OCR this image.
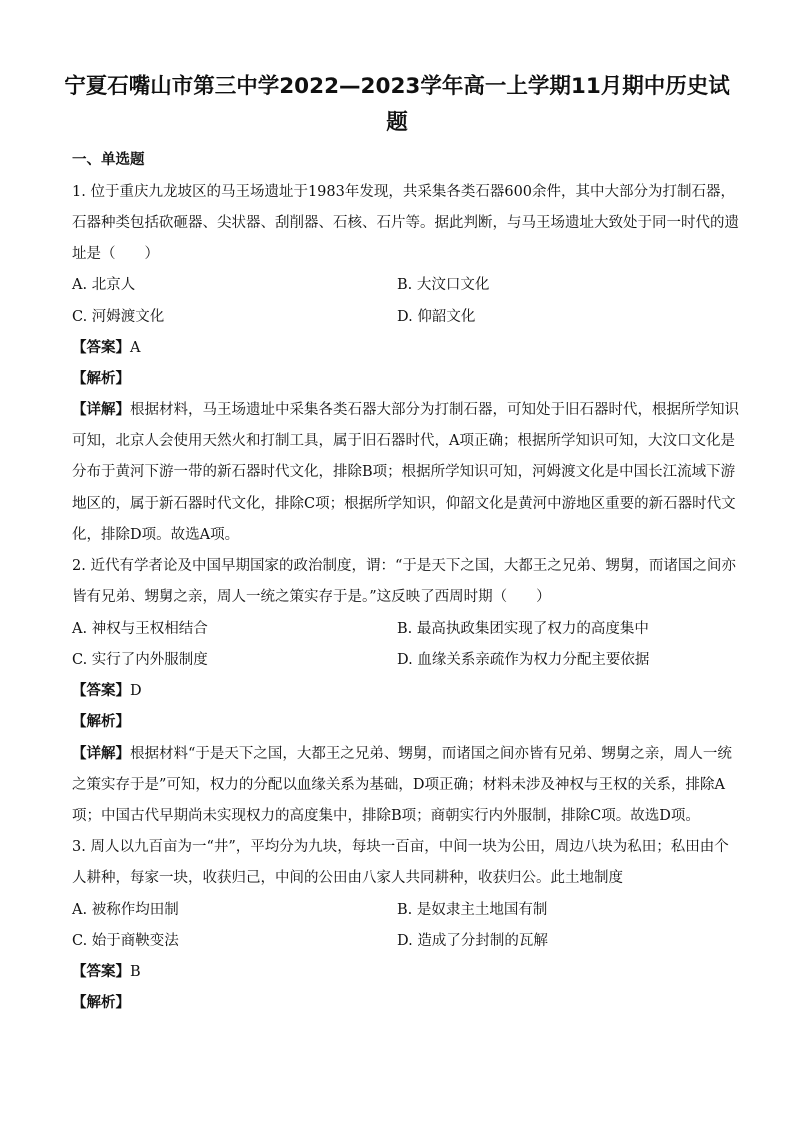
宁夏石嘴山市第三中学2022—2023学年高一上学期11月期中历史试
题
一、单选题
1. 位于重庆九龙坡区的马王场遗址于1983年发现，共采集各类石器600余件，其中大部分为打制石器，
石器种类包括砍砸器、尖状器、刮削器、石核、石片等。据此判断，与马王场遗址大致处于同一时代的遗
址是（　　）
A. 北京人	B. 大汶口文化
C. 河姆渡文化	D. 仰韶文化
【答案】A
【解析】
【详解】根据材料，马王场遗址中采集各类石器大部分为打制石器，可知处于旧石器时代，根据所学知识
可知，北京人会使用天然火和打制工具，属于旧石器时代，A项正确；根据所学知识可知，大汶口文化是
分布于黄河下游一带的新石器时代文化，排除B项；根据所学知识可知，河姆渡文化是中国长江流域下游
地区的，属于新石器时代文化，排除C项；根据所学知识，仰韶文化是黄河中游地区重要的新石器时代文
化，排除D项。故选A项。
2. 近代有学者论及中国早期国家的政治制度，谓：“于是天下之国，大都王之兄弟、甥舅，而诸国之间亦
皆有兄弟、甥舅之亲，周人一统之策实存于是。”这反映了西周时期（　　）
A. 神权与王权相结合	B. 最高执政集团实现了权力的高度集中
C. 实行了内外服制度	D. 血缘关系亲疏作为权力分配主要依据
【答案】D
【解析】
【详解】根据材料“于是天下之国，大都王之兄弟、甥舅，而诸国之间亦皆有兄弟、甥舅之亲，周人一统
之策实存于是”可知，权力的分配以血缘关系为基础，D项正确；材料未涉及神权与王权的关系，排除A
项；中国古代早期尚未实现权力的高度集中，排除B项；商朝实行内外服制，排除C项。故选D项。
3. 周人以九百亩为一“井”，平均分为九块，每块一百亩，中间一块为公田，周边八块为私田；私田由个
人耕种，每家一块，收获归己，中间的公田由八家人共同耕种，收获归公。此土地制度
A. 被称作均田制	B. 是奴隶主土地国有制
C. 始于商鞅变法	D. 造成了分封制的瓦解
【答案】B
【解析】
